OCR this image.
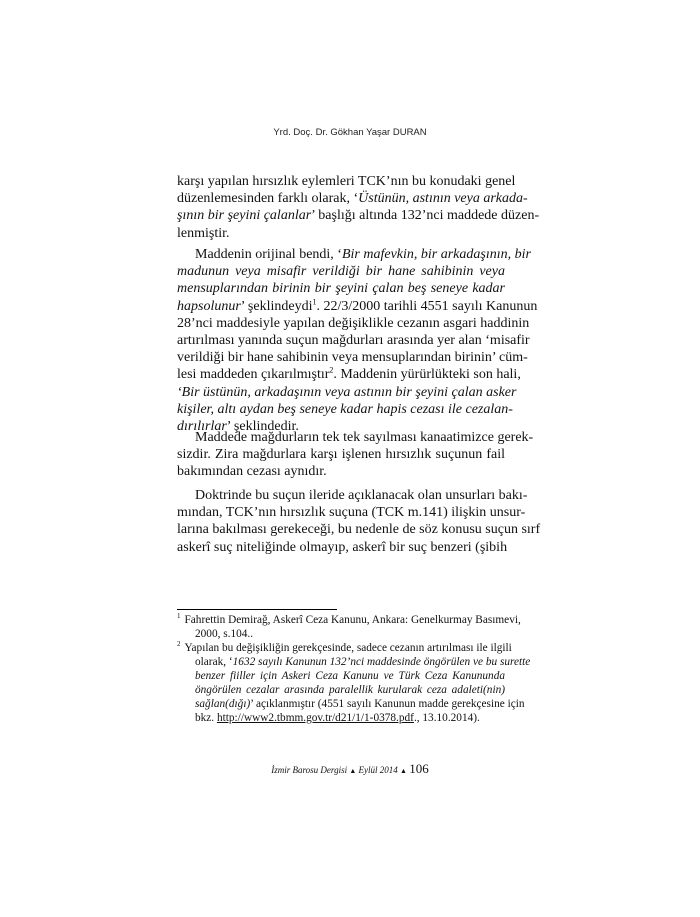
Yrd. Doç. Dr. Gökhan Yaşar DURAN
karşı yapılan hırsızlık eylemleri TCK’nın bu konudaki genel
düzenlemesinden farklı olarak, ‘Üstünün, astının veya arkada-
şının bir şeyini çalanlar’ başlığı altında 132’nci maddede düzen-
lenmiştir.
Maddenin orijinal bendi, ‘Bir mafevkin, bir arkadaşının, bir
madunun veya misafir verildiği bir hane sahibinin veya
mensuplarından birinin bir şeyini çalan beş seneye kadar
hapsolunur’ şeklindeydi$^1$. 22/3/2000 tarihli 4551 sayılı Kanunun
28’nci maddesiyle yapılan değişiklikle cezanın asgari haddinin
artırılması yanında suçun mağdurları arasında yer alan ‘misafir
verildiği bir hane sahibinin veya mensuplarından birinin’ cüm-
lesi maddeden çıkarılmıştır$^2$. Maddenin yürürlükteki son hali,
‘Bir üstünün, arkadaşının veya astının bir şeyini çalan asker
kişiler, altı aydan beş seneye kadar hapis cezası ile cezalan-
dırılırlar’ şeklindedir.
Maddede mağdurların tek tek sayılması kanaatimizce gerek-
sizdir. Zira mağdurlara karşı işlenen hırsızlık suçunun fail
bakımından cezası aynıdır.
Doktrinde bu suçun ileride açıklanacak olan unsurları bakı-
mından, TCK’nın hırsızlık suçuna (TCK m.141) ilişkin unsur-
larına bakılması gerekeceği, bu nedenle de söz konusu suçun sırf
askerî suç niteliğinde olmayıp, askerî bir suç benzeri (şibih
$^1$ Fahrettin Demirağ, Askerî Ceza Kanunu, Ankara: Genelkurmay Basımevi,
2000, s.104..
$^2$ Yapılan bu değişikliğin gerekçesinde, sadece cezanın artırılması ile ilgili
olarak, ‘1632 sayılı Kanunun 132’nci maddesinde öngörülen ve bu surette
benzer fiiller için Askeri Ceza Kanunu ve Türk Ceza Kanununda
öngörülen cezalar arasında paralellik kurularak ceza adaleti(nin)
sağlan(dığı)’ açıklanmıştır (4551 sayılı Kanunun madde gerekçesine için
bkz. http://www2.tbmm.gov.tr/d21/1/1-0378.pdf., 13.10.2014).
İzmir Barosu Dergisi ▲ Eylül 2014 ▲ 106
